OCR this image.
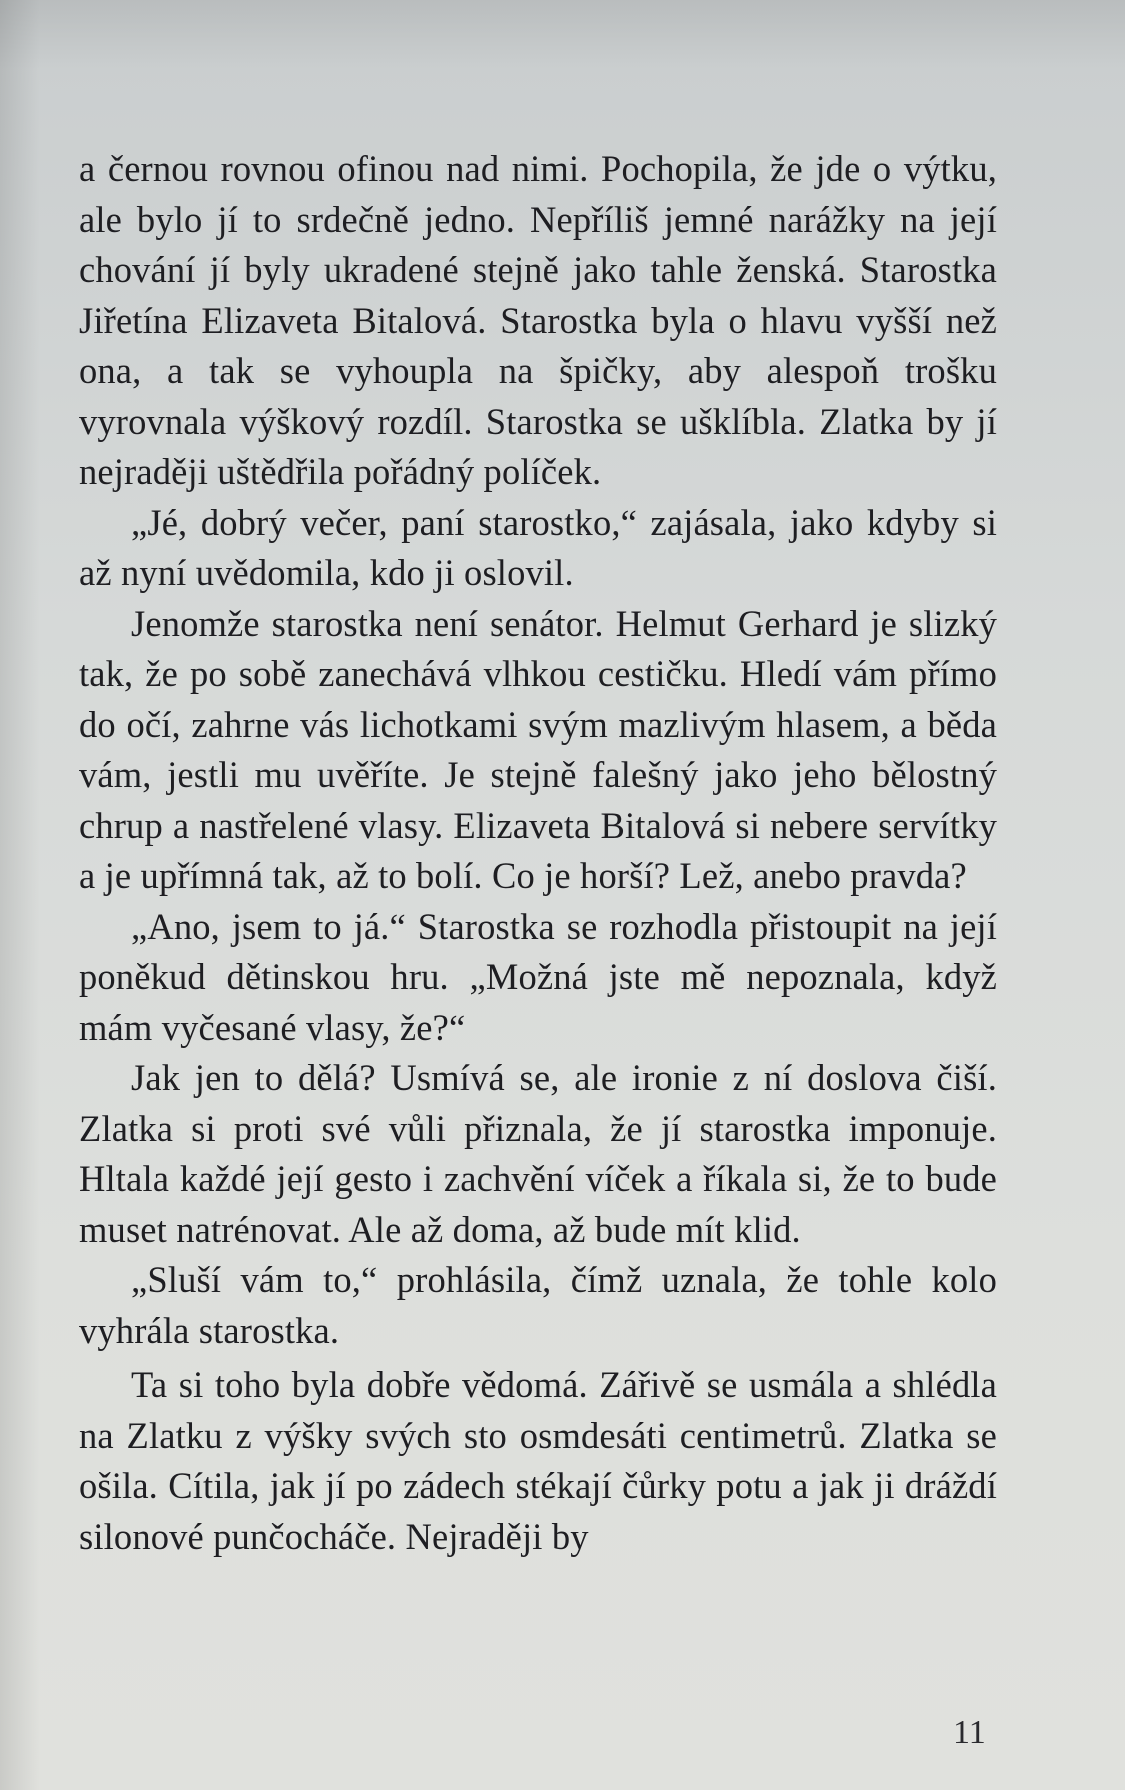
a černou rovnou ofinou nad nimi. Pochopila, že jde o výtku, ale bylo jí to srdečně jedno. Nepříliš jemné narážky na její chování jí byly ukradené stejně jako tahle ženská. Starostka Jiřetína Elizaveta Bitalová. Starostka byla o hlavu vyšší než ona, a tak se vyhoupla na špičky, aby alespoň trošku vyrovnala výškový rozdíl. Starostka se ušklíbla. Zlatka by jí nejraději uštědřila pořádný políček.

„Jé, dobrý večer, paní starostko,“ zajásala, jako kdyby si až nyní uvědomila, kdo ji oslovil.

Jenomže starostka není senátor. Helmut Gerhard je slizký tak, že po sobě zanechává vlhkou cestičku. Hledí vám přímo do očí, zahrne vás lichotkami svým mazlivým hlasem, a běda vám, jestli mu uvěříte. Je stejně falešný jako jeho bělostný chrup a nastřelené vlasy. Elizaveta Bitalová si nebere servítky a je upřímná tak, až to bolí. Co je horší? Lež, anebo pravda?

„Ano, jsem to já.“ Starostka se rozhodla přistoupit na její poněkud dětinskou hru. „Možná jste mě nepoznala, když mám vyčesané vlasy, že?“

Jak jen to dělá? Usmívá se, ale ironie z ní doslova čiší. Zlatka si proti své vůli přiznala, že jí starostka imponuje. Hltala každé její gesto i zachvění víček a říkala si, že to bude muset natrénovat. Ale až doma, až bude mít klid.

„Sluší vám to,“ prohlásila, čímž uznala, že tohle kolo vyhrála starostka.

Ta si toho byla dobře vědomá. Zářivě se usmála a shlédla na Zlatku z výšky svých sto osmdesáti centimetrů. Zlatka se ošila. Cítila, jak jí po zádech stékají čůrky potu a jak ji dráždí silonové punčocháče. Nejraději by

11
